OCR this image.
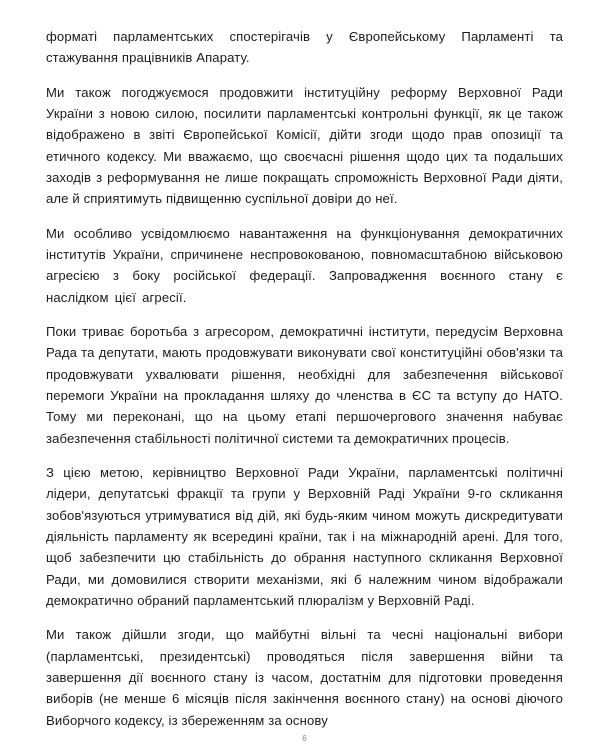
форматі парламентських спостерігачів у Європейському Парламенті та стажування працівників Апарату.

Ми також погоджуємося продовжити інституційну реформу Верховної Ради України з новою силою, посилити парламентські контрольні функції, як це також відображено в звіті Європейської Комісії, дійти згоди щодо прав опозиції та етичного кодексу. Ми вважаємо, що своєчасні рішення щодо цих та подальших заходів з реформування не лише покращать спроможність Верховної Ради діяти, але й сприятимуть підвищенню суспільної довіри до неї.

Ми особливо усвідомлюємо навантаження на функціонування демократичних інститутів України, спричинене неспровокованою, повномасштабною військовою агресією з боку російської федерації. Запровадження воєнного стану є наслідком цієї агресії.

Поки триває боротьба з агресором, демократичні інститути, передусім Верховна Рада та депутати, мають продовжувати виконувати свої конституційні обов'язки та продовжувати ухвалювати рішення, необхідні для забезпечення військової перемоги України на прокладання шляху до членства в ЄС та вступу до НАТО. Тому ми переконані, що на цьому етапі першочергового значення набуває забезпечення стабільності політичної системи та демократичних процесів.

З цією метою, керівництво Верховної Ради України, парламентські політичні лідери, депутатські фракції та групи у Верховній Раді України 9-го скликання зобов'язуються утримуватися від дій, які будь-яким чином можуть дискредитувати діяльність парламенту як всередині країни, так і на міжнародній арені. Для того, щоб забезпечити цю стабільність до обрання наступного скликання Верховної Ради, ми домовилися створити механізми, які б належним чином відображали демократично обраний парламентський плюралізм у Верховній Раді.

Ми також дійшли згоди, що майбутні вільні та чесні національні вибори (парламентські, президентські) проводяться після завершення війни та завершення дії воєнного стану із часом, достатнім для підготовки проведення виборів (не менше 6 місяців після закінчення воєнного стану) на основі діючого Виборчого кодексу, із збереженням за основу

6
